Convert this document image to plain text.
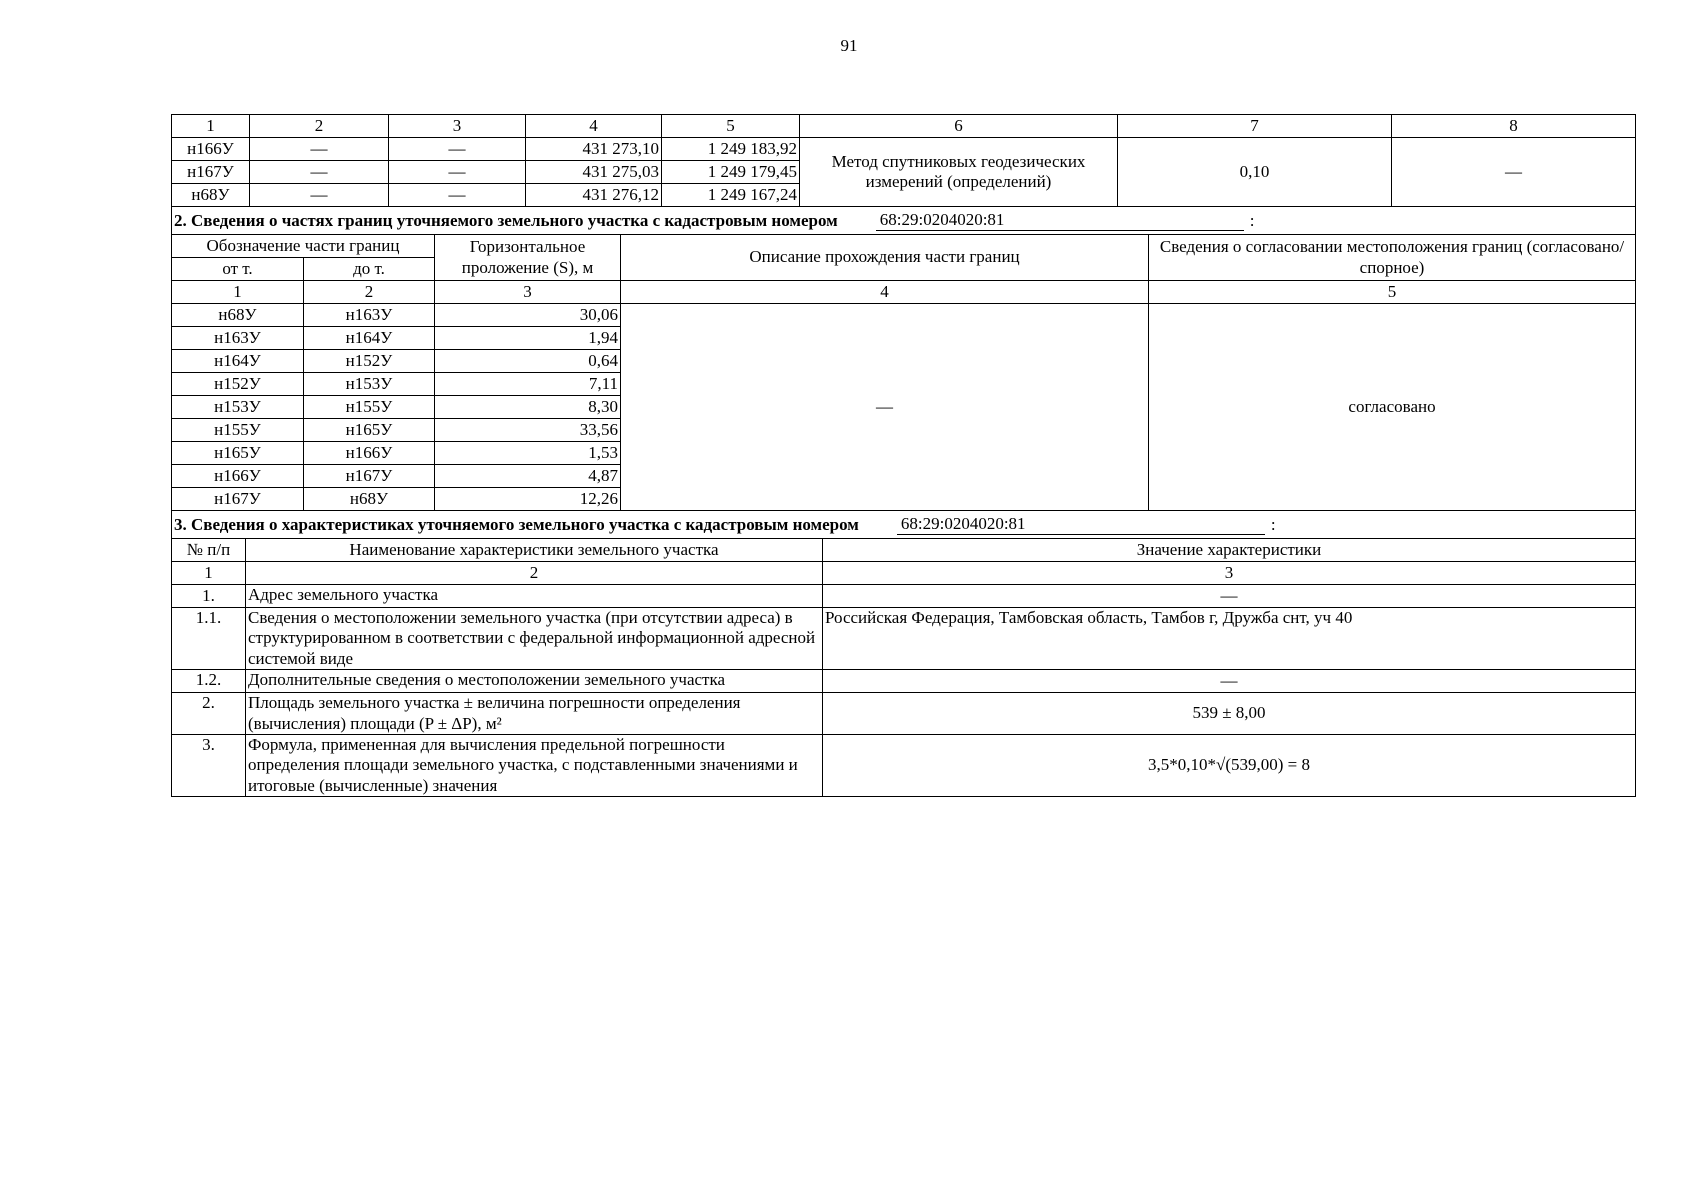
91
1	2	3	4	5	6	7	8
н166У	—	—	431 273,10	1 249 183,92	Метод спутниковых геодезических измерений (определений)	0,10	—
н167У	—	—	431 275,03	1 249 179,45			
н68У	—	—	431 276,12	1 249 167,24			
2. Сведения о частях границ уточняемого земельного участка с кадастровым номером 68:29:0204020:81 :				

Обозначение части границ		Горизонтальное проложение (S), м	Описание прохождения части границ	Сведения о согласовании местоположения границ (согласовано/спорное)
от т.	до т.			
1	2	3	4	5
н68У	н163У	30,06	—	согласовано
н163У	н164У	1,94		
н164У	н152У	0,64		
н152У	н153У	7,11		
н153У	н155У	8,30		
н155У	н165У	33,56		
н165У	н166У	1,53		
н166У	н167У	4,87		
н167У	н68У	12,26		
3. Сведения о характеристиках уточняемого земельного участка с кадастровым номером 68:29:0204020:81 :		

№ п/п	Наименование характеристики земельного участка	Значение характеристики
1	2	3
1.	Адрес земельного участка	—
1.1.	Сведения о местоположении земельного участка (при отсутствии адреса) в структурированном в соответствии с федеральной информационной адресной системой виде	Российская Федерация, Тамбовская область, Тамбов г, Дружба снт, уч 40
1.2.	Дополнительные сведения о местоположении земельного участка	—
2.	Площадь земельного участка ± величина погрешности определения (вычисления) площади (P ± ΔP), м²	539 ± 8,00
3.	Формула, примененная для вычисления предельной погрешности определения площади земельного участка, с подставленными значениями и итоговые (вычисленные) значения	3,5*0,10*√(539,00) = 8
